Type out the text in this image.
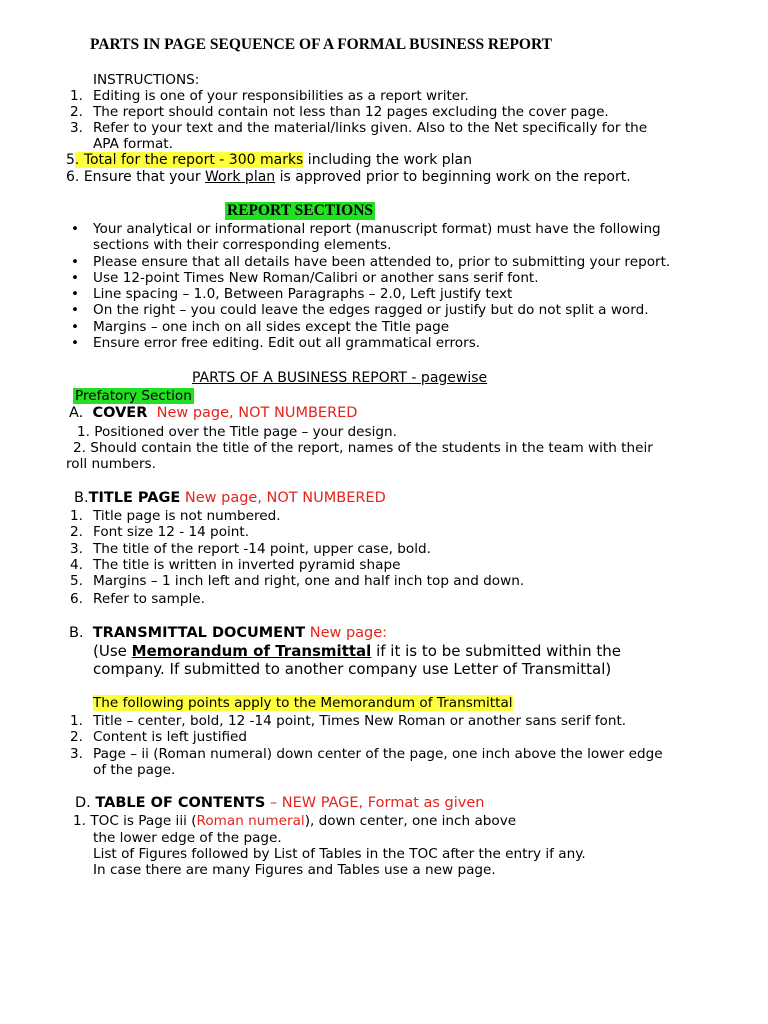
PARTS IN PAGE SEQUENCE OF A FORMAL BUSINESS REPORT
INSTRUCTIONS:
1. Editing is one of your responsibilities as a report writer.
2. The report should contain not less than 12 pages excluding the cover page.
3. Refer to your text and the material/links given. Also to the Net specifically for the
APA format.
5. Total for the report - 300 marks including the work plan
6. Ensure that your Work plan is approved prior to beginning work on the report.
REPORT SECTIONS
• Your analytical or informational report (manuscript format) must have the following
sections with their corresponding elements.
• Please ensure that all details have been attended to, prior to submitting your report.
• Use 12-point Times New Roman/Calibri or another sans serif font.
• Line spacing – 1.0, Between Paragraphs – 2.0, Left justify text
• On the right – you could leave the edges ragged or justify but do not split a word.
• Margins – one inch on all sides except the Title page
• Ensure error free editing. Edit out all grammatical errors.
PARTS OF A BUSINESS REPORT - pagewise
Prefatory Section
A. COVER New page, NOT NUMBERED
1. Positioned over the Title page – your design.
2. Should contain the title of the report, names of the students in the team with their
roll numbers.
B.TITLE PAGE New page, NOT NUMBERED
1. Title page is not numbered.
2. Font size 12 - 14 point.
3. The title of the report -14 point, upper case, bold.
4. The title is written in inverted pyramid shape
5. Margins – 1 inch left and right, one and half inch top and down.
6. Refer to sample.
B. TRANSMITTAL DOCUMENT New page:
(Use Memorandum of Transmittal if it is to be submitted within the
company. If submitted to another company use Letter of Transmittal)
The following points apply to the Memorandum of Transmittal
1. Title – center, bold, 12 -14 point, Times New Roman or another sans serif font.
2. Content is left justified
3. Page – ii (Roman numeral) down center of the page, one inch above the lower edge
of the page.
D. TABLE OF CONTENTS – NEW PAGE, Format as given
1. TOC is Page iii (Roman numeral), down center, one inch above
the lower edge of the page.
List of Figures followed by List of Tables in the TOC after the entry if any.
In case there are many Figures and Tables use a new page.
